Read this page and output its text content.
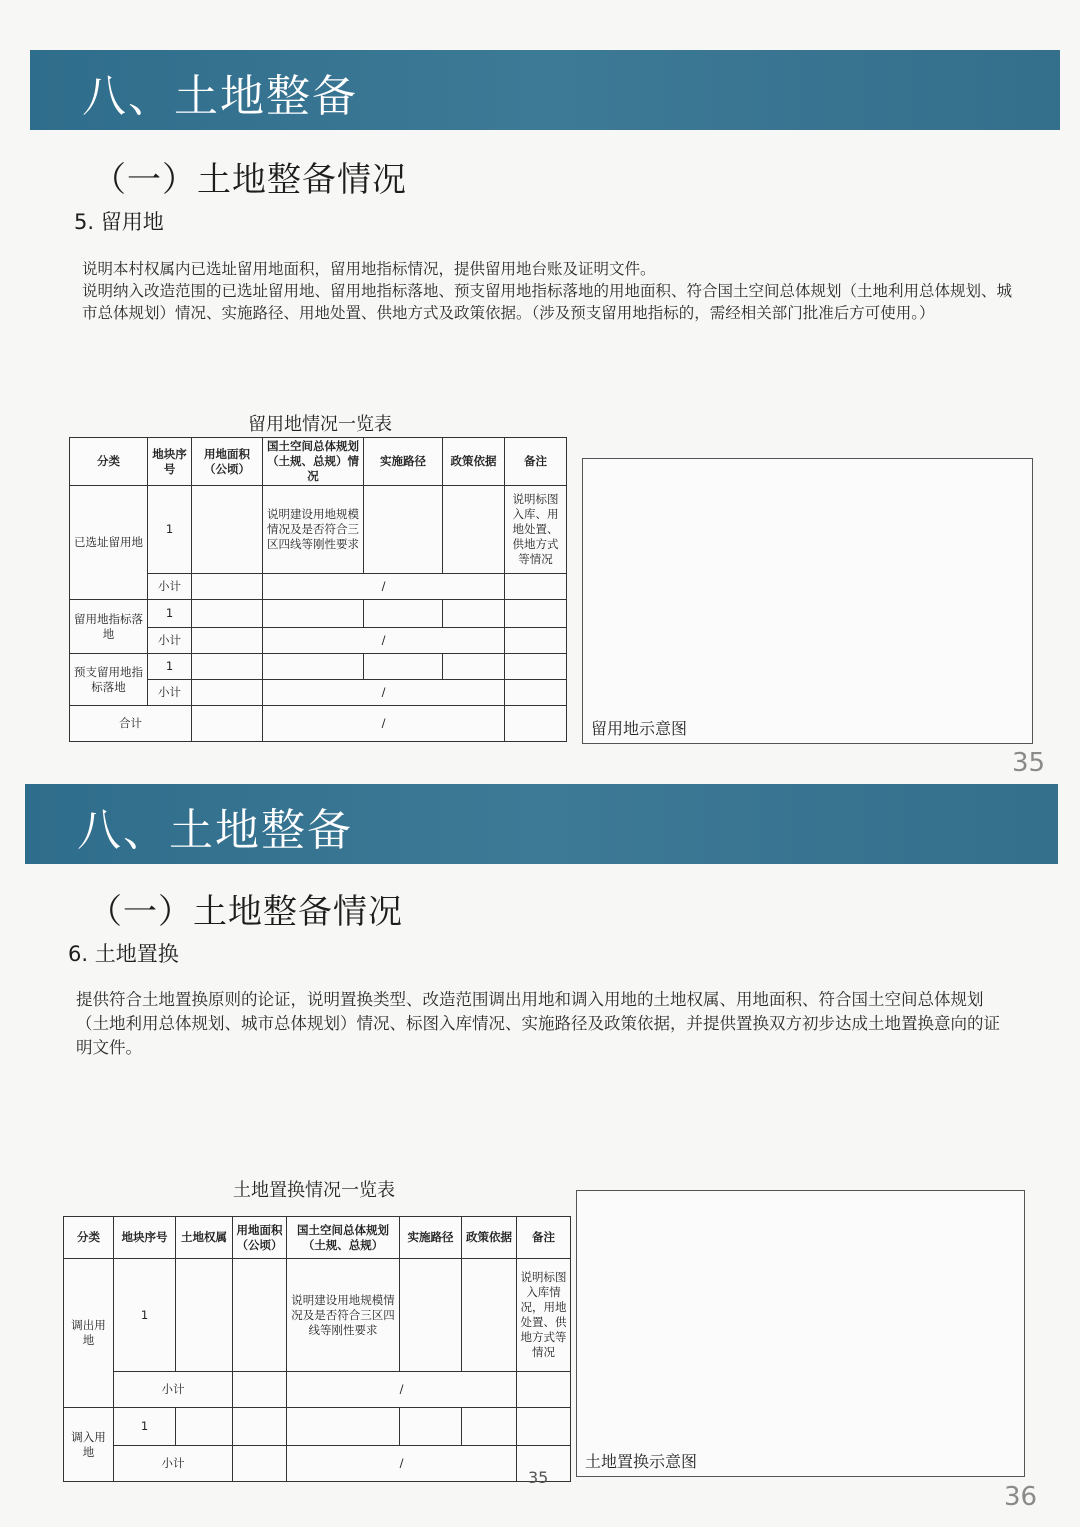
八、土地整备
（一）土地整备情况
5. 留用地

说明本村权属内已选址留用地面积，留用地指标情况，提供留用地台账及证明文件。

说明纳入改造范围的已选址留用地、留用地指标落地、预支留用地指标落地的用地面积、符合国土空间总体规划（土地利用总体规划、城市总体规划）情况、实施路径、用地处置、供地方式及政策依据。（涉及预支留用地指标的，需经相关部门批准后方可使用。）

留用地情况一览表
分类	地块序号	用地面积（公顷）	国土空间总体规划（土规、总规）情况	实施路径	政策依据	备注
已选址留用地	1		说明建设用地规模情况及是否符合三区四线等刚性要求			说明标图入库、用地处置、供地方式等情况
	小计		/			
留用地指标落地	1					
	小计		/			
预支留用地指标落地	1					
	小计		/			
合计			/				留用地示意图
35
八、土地整备
（一）土地整备情况
6. 土地置换

提供符合土地置换原则的论证，说明置换类型、改造范围调出用地和调入用地的土地权属、用地面积、符合国土空间总体规划（土地利用总体规划、城市总体规划）情况、标图入库情况、实施路径及政策依据，并提供置换双方初步达成土地置换意向的证明文件。

土地置换情况一览表
分类	地块序号	土地权属	用地面积（公顷）	国土空间总体规划（土规、总规）	实施路径	政策依据	备注
调出用地	1			说明建设用地规模情况及是否符合三区四线等刚性要求			说明标图入库情况，用地处置、供地方式等情况
	小计			/			
调入用地	1						
	小计			/				土地置换示意图
35
36
